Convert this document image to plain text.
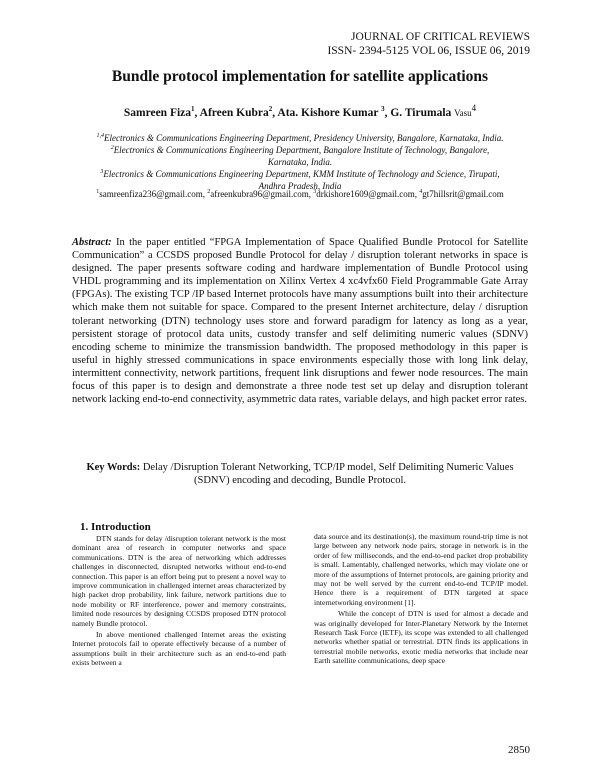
JOURNAL OF CRITICAL REVIEWS
ISSN- 2394-5125 VOL 06, ISSUE 06, 2019
Bundle protocol implementation for satellite applications
Samreen Fiza$^1$, Afreen Kubra$^2$, Ata. Kishore Kumar $^3$, G. Tirumala Vasu$^4$
$^{1,4}$Electronics & Communications Engineering Department, Presidency University, Bangalore, Karnataka, India.
$^2$Electronics & Communications Engineering Department, Bangalore Institute of Technology, Bangalore,
Karnataka, India.
$^3$Electronics & Communications Engineering Department, KMM Institute of Technology and Science, Tirupati,
Andhra Pradesh, India
$^1$samreenfiza236@gmail.com, $^2$afreenkubra96@gmail.com, $^3$drkishore1609@gmail.com, $^4$gt7hillsrit@gmail.com
Abstract: In the paper entitled “FPGA Implementation of Space Qualified Bundle Protocol for Satellite Communication” a CCSDS proposed Bundle Protocol for delay / disruption tolerant networks in space is designed. The paper presents software coding and hardware implementation of Bundle Protocol using VHDL programming and its implementation on Xilinx Vertex 4 xc4vfx60 Field Programmable Gate Array (FPGAs). The existing TCP /IP based Internet protocols have many assumptions built into their architecture which make them not suitable for space. Compared to the present Internet architecture, delay / disruption tolerant networking (DTN) technology uses store and forward paradigm for latency as long as a year, persistent storage of protocol data units, custody transfer and self delimiting numeric values (SDNV) encoding scheme to minimize the transmission bandwidth. The proposed methodology in this paper is useful in highly stressed communications in space environments especially those with long link delay, intermittent connectivity, network partitions, frequent link disruptions and fewer node resources. The main focus of this paper is to design and demonstrate a three node test set up delay and disruption tolerant network lacking end-to-end connectivity, asymmetric data rates, variable delays, and high packet error rates.
Key Words: Delay /Disruption Tolerant Networking, TCP/IP model, Self Delimiting Numeric Values (SDNV) encoding and decoding, Bundle Protocol.
1. Introduction

DTN stands for delay /disruption tolerant network is the most dominant area of research in computer networks and space communications. DTN is the area of networking which addresses challenges in disconnected, disrupted networks without end-to-end connection. This paper is an effort being put to present a novel way to improve communication in challenged internet areas characterized by high packet drop probability, link failure, network partitions due to node mobility or RF interference, power and memory constraints, limited node resources by designing CCSDS proposed DTN protocol namely Bundle protocol.

In above mentioned challenged Internet areas the existing Internet protocols fail to operate effectively because of a number of assumptions built in their architecture such as an end-to-end path exists between a

data source and its destination(s), the maximum round-trip time is not large between any network node pairs, storage in network is in the order of few milliseconds, and the end-to-end packet drop probability is small. Lamentably, challenged networks, which may violate one or more of the assumptions of Internet protocols, are gaining priority and may not be well served by the current end-to-end TCP/IP model. Hence there is a requirement of DTN targeted at space internetworking environment [1].

While the concept of DTN is used for almost a decade and was originally developed for Inter-Planetary Network by the Internet Research Task Force (IETF), its scope was extended to all challenged networks whether spatial or terrestrial. DTN finds its applications in terrestrial mobile networks, exotic media networks that include near Earth satellite communications, deep space

2850
